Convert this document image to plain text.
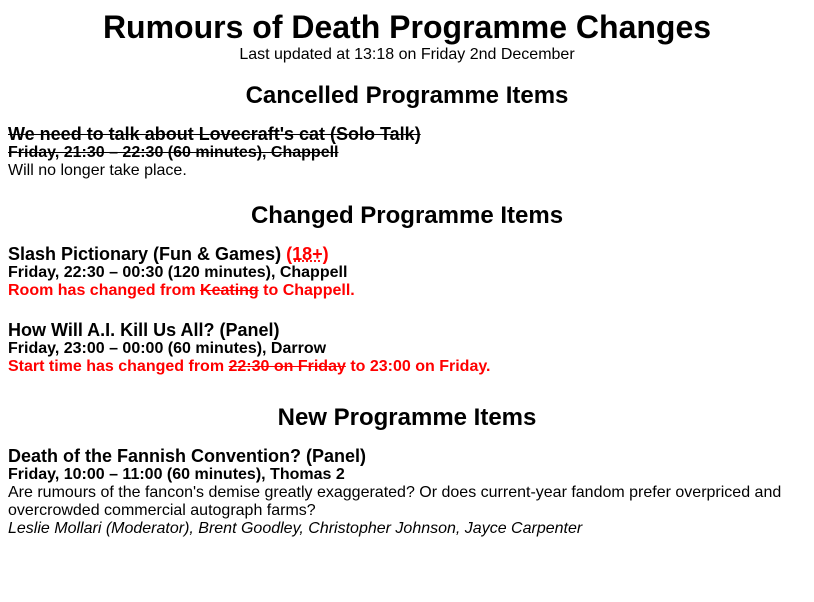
Rumours of Death Programme Changes
Last updated at 13:18 on Friday 2nd December
Cancelled Programme Items
We need to talk about Lovecraft's cat (Solo Talk)
Friday, 21:30 – 22:30 (60 minutes), Chappell
Will no longer take place.
Changed Programme Items
Slash Pictionary (Fun & Games) (18+)
Friday, 22:30 – 00:30 (120 minutes), Chappell
Room has changed from Keating to Chappell.
How Will A.I. Kill Us All? (Panel)
Friday, 23:00 – 00:00 (60 minutes), Darrow
Start time has changed from 22:30 on Friday to 23:00 on Friday.
New Programme Items
Death of the Fannish Convention? (Panel)
Friday, 10:00 – 11:00 (60 minutes), Thomas 2
Are rumours of the fancon's demise greatly exaggerated? Or does current-year fandom prefer overpriced and overcrowded commercial autograph farms?
Leslie Mollari (Moderator), Brent Goodley, Christopher Johnson, Jayce Carpenter
